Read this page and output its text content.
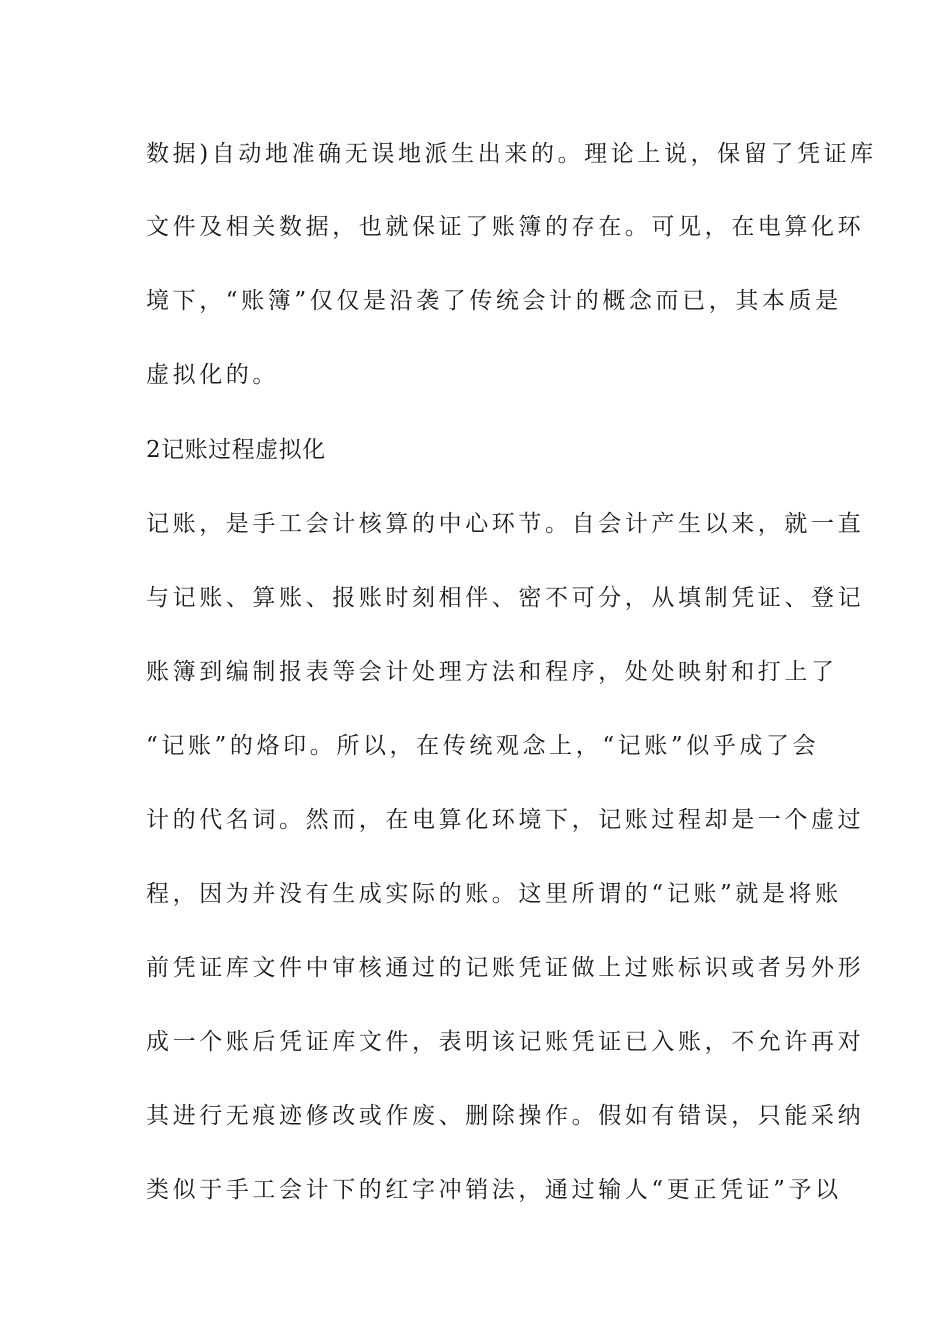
数据)自动地准确无误地派生出来的。理论上说，保留了凭证库
文件及相关数据，也就保证了账簿的存在。可见，在电算化环
境下，“账簿”仅仅是沿袭了传统会计的概念而已，其本质是
虚拟化的。
2记账过程虚拟化
记账，是手工会计核算的中心环节。自会计产生以来，就一直
与记账、算账、报账时刻相伴、密不可分，从填制凭证、登记
账簿到编制报表等会计处理方法和程序，处处映射和打上了
“记账”的烙印。所以，在传统观念上，“记账”似乎成了会
计的代名词。然而，在电算化环境下，记账过程却是一个虚过
程，因为并没有生成实际的账。这里所谓的“记账”就是将账
前凭证库文件中审核通过的记账凭证做上过账标识或者另外形
成一个账后凭证库文件，表明该记账凭证已入账，不允许再对
其进行无痕迹修改或作废、删除操作。假如有错误，只能采纳
类似于手工会计下的红字冲销法，通过输人“更正凭证”予以
